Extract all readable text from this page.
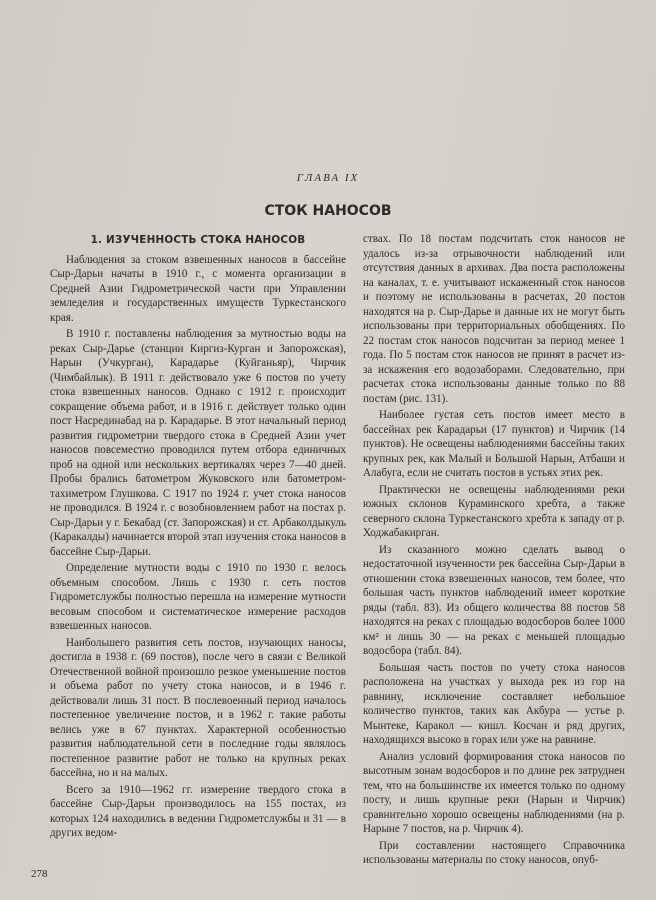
ГЛАВА IX
СТОК НАНОСОВ
1. ИЗУЧЕННОСТЬ СТОКА НАНОСОВ

Наблюдения за стоком взвешенных наносов в бассейне Сыр-Дарьи начаты в 1910 г., с момента организации в Средней Азии Гидрометрической части при Управлении земледелия и государственных имуществ Туркестанского края.

В 1910 г. поставлены наблюдения за мутностью воды на реках Сыр-Дарье (станции Киргиз-Курган и Запорожская), Нарын (Учкурган), Карадарье (Куйганьяр), Чирчик (Чимбайлык). В 1911 г. действовало уже 6 постов по учету стока взвешенных наносов. Однако с 1912 г. происходит сокращение объема работ, и в 1916 г. действует только один пост Насрединабад на р. Карадарье. В этот начальный период развития гидрометрии твердого стока в Средней Азии учет наносов повсеместно проводился путем отбора единичных проб на одной или нескольких вертикалях через 7—40 дней. Пробы брались батометром Жуковского или батометром-тахиметром Глушкова. С 1917 по 1924 г. учет стока наносов не проводился. В 1924 г. с возобновлением работ на постах р. Сыр-Дарьи у г. Бекабад (ст. Запорожская) и ст. Арбаколдыкуль (Каракалды) начинается второй этап изучения стока наносов в бассейне Сыр-Дарьи.

Определение мутности воды с 1910 по 1930 г. велось объемным способом. Лишь с 1930 г. сеть постов Гидрометслужбы полностью перешла на измерение мутности весовым способом и систематическое измерение расходов взвешенных наносов.

Наибольшего развития сеть постов, изучающих наносы, достигла в 1938 г. (69 постов), после чего в связи с Великой Отечественной войной произошло резкое уменьшение постов и объема работ по учету стока наносов, и в 1946 г. действовали лишь 31 пост. В послевоенный период началось постепенное увеличение постов, и в 1962 г. такие работы велись уже в 67 пунктах. Характерной особенностью развития наблюдательной сети в последние годы являлось постепенное развитие работ не только на крупных реках бассейна, но и на малых.

Всего за 1910—1962 гг. измерение твердого стока в бассейне Сыр-Дарьи производилось на 155 постах, из которых 124 находились в ведении Гидрометслужбы и 31 — в других ведом-

ствах. По 18 постам подсчитать сток наносов не удалось из-за отрывочности наблюдений или отсутствия данных в архивах. Два поста расположены на каналах, т. е. учитывают искаженный сток наносов и поэтому не использованы в расчетах, 20 постов находятся на р. Сыр-Дарье и данные их не могут быть использованы при территориальных обобщениях. По 22 постам сток наносов подсчитан за период менее 1 года. По 5 постам сток наносов не принят в расчет из-за искажения его водозаборами. Следовательно, при расчетах стока использованы данные только по 88 постам (рис. 131).

Наиболее густая сеть постов имеет место в бассейнах рек Карадарьи (17 пунктов) и Чирчик (14 пунктов). Не освещены наблюдениями бассейны таких крупных рек, как Малый и Большой Нарын, Атбаши и Алабуга, если не считать постов в устьях этих рек.

Практически не освещены наблюдениями реки южных склонов Кураминского хребта, а также северного склона Туркестанского хребта к западу от р. Ходжабакирган.

Из сказанного можно сделать вывод о недостаточной изученности рек бассейна Сыр-Дарьи в отношении стока взвешенных наносов, тем более, что большая часть пунктов наблюдений имеет короткие ряды (табл. 83). Из общего количества 88 постов 58 находятся на реках с площадью водосборов более 1000 км² и лишь 30 — на реках с меньшей площадью водосбора (табл. 84).

Большая часть постов по учету стока наносов расположена на участках у выхода рек из гор на равнину, исключение составляет небольшое количество пунктов, таких как Акбура — устье р. Мынтеке, Каракол — кишл. Косчан и ряд других, находящихся высоко в горах или уже на равнине.

Анализ условий формирования стока наносов по высотным зонам водосборов и по длине рек затруднен тем, что на большинстве их имеется только по одному посту, и лишь крупные реки (Нарын и Чирчик) сравнительно хорошо освещены наблюдениями (на р. Нарыне 7 постов, на р. Чирчик 4).

При составлении настоящего Справочника использованы материалы по стоку наносов, опуб-

278
